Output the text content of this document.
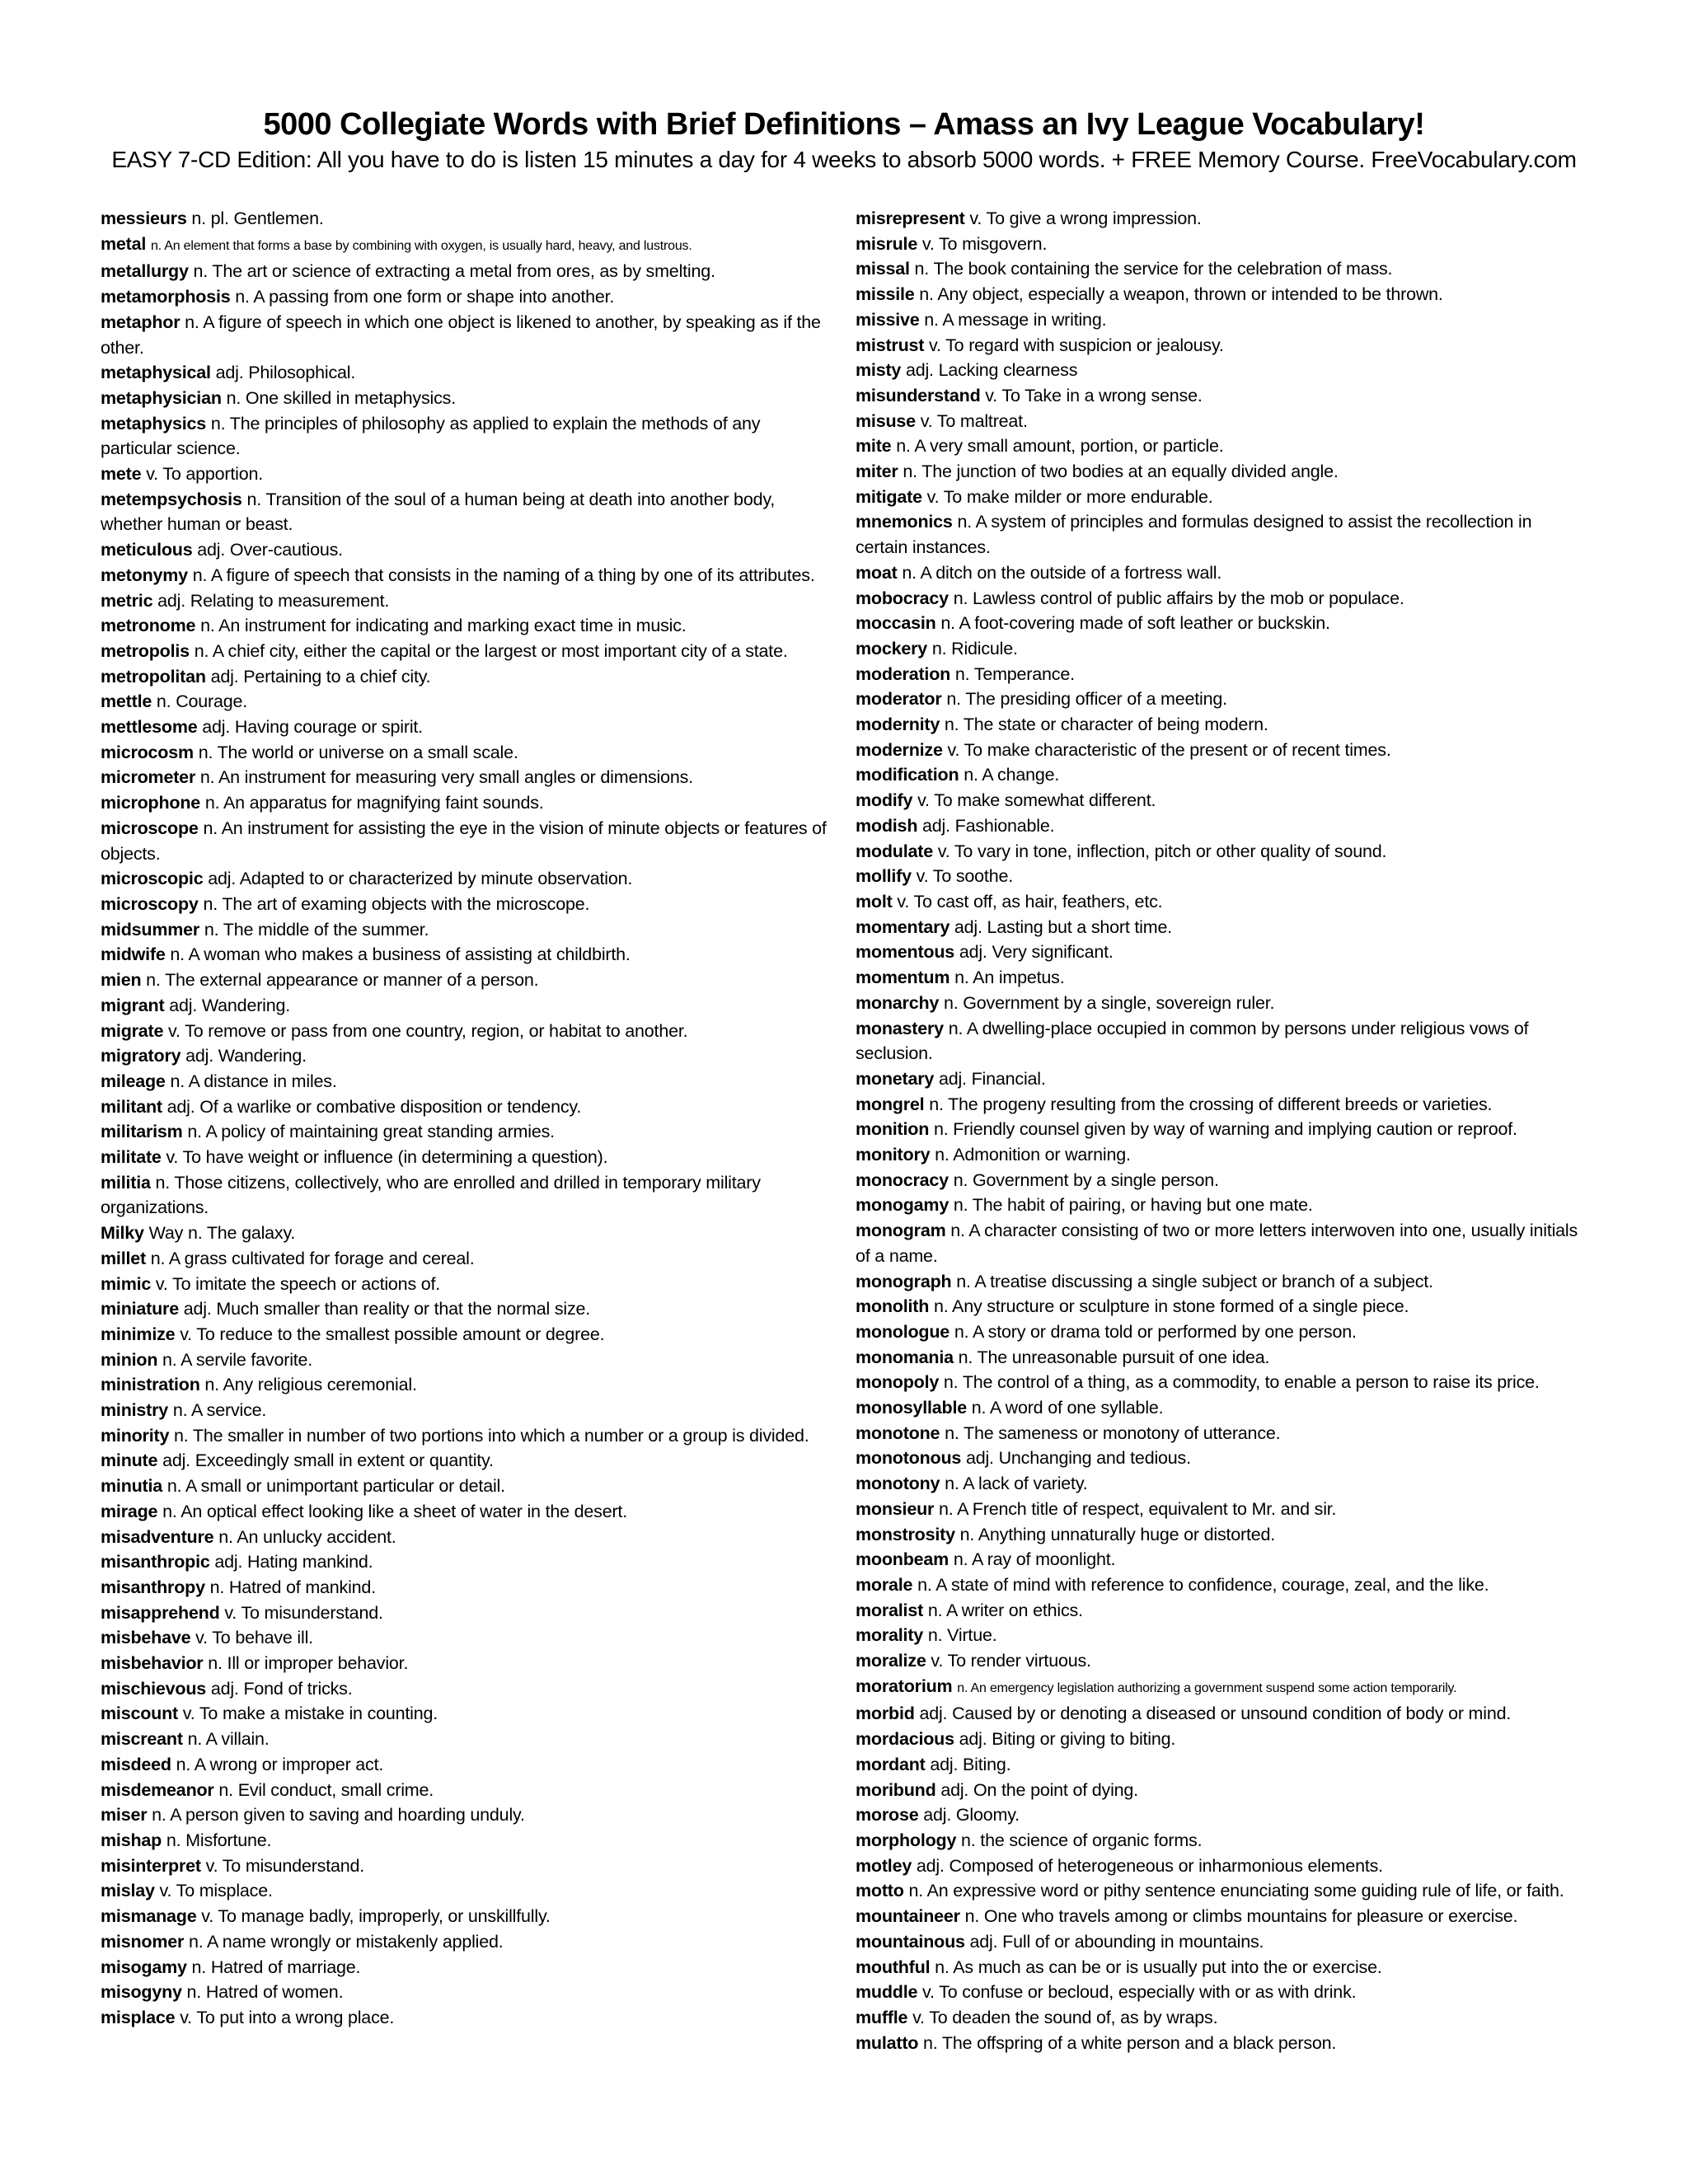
5000 Collegiate Words with Brief Definitions – Amass an Ivy League Vocabulary!
EASY 7-CD Edition: All you have to do is listen 15 minutes a day for 4 weeks to absorb 5000 words. + FREE Memory Course. FreeVocabulary.com
messieurs n. pl. Gentlemen.
metal n. An element that forms a base by combining with oxygen, is usually hard, heavy, and lustrous.
metallurgy n. The art or science of extracting a metal from ores, as by smelting.
metamorphosis n. A passing from one form or shape into another.
metaphor n. A figure of speech in which one object is likened to another, by speaking as if the other.
metaphysical adj. Philosophical.
metaphysician n. One skilled in metaphysics.
metaphysics n. The principles of philosophy as applied to explain the methods of any particular science.
mete v. To apportion.
metempsychosis n. Transition of the soul of a human being at death into another body, whether human or beast.
meticulous adj. Over-cautious.
metonymy n. A figure of speech that consists in the naming of a thing by one of its attributes.
metric adj. Relating to measurement.
metronome n. An instrument for indicating and marking exact time in music.
metropolis n. A chief city, either the capital or the largest or most important city of a state.
metropolitan adj. Pertaining to a chief city.
mettle n. Courage.
mettlesome adj. Having courage or spirit.
microcosm n. The world or universe on a small scale.
micrometer n. An instrument for measuring very small angles or dimensions.
microphone n. An apparatus for magnifying faint sounds.
microscope n. An instrument for assisting the eye in the vision of minute objects or features of objects.
microscopic adj. Adapted to or characterized by minute observation.
microscopy n. The art of examing objects with the microscope.
midsummer n. The middle of the summer.
midwife n. A woman who makes a business of assisting at childbirth.
mien n. The external appearance or manner of a person.
migrant adj. Wandering.
migrate v. To remove or pass from one country, region, or habitat to another.
migratory adj. Wandering.
mileage n. A distance in miles.
militant adj. Of a warlike or combative disposition or tendency.
militarism n. A policy of maintaining great standing armies.
militate v. To have weight or influence (in determining a question).
militia n. Those citizens, collectively, who are enrolled and drilled in temporary military organizations.
Milky Way n. The galaxy.
millet n. A grass cultivated for forage and cereal.
mimic v. To imitate the speech or actions of.
miniature adj. Much smaller than reality or that the normal size.
minimize v. To reduce to the smallest possible amount or degree.
minion n. A servile favorite.
ministration n. Any religious ceremonial.
ministry n. A service.
minority n. The smaller in number of two portions into which a number or a group is divided.
minute adj. Exceedingly small in extent or quantity.
minutia n. A small or unimportant particular or detail.
mirage n. An optical effect looking like a sheet of water in the desert.
misadventure n. An unlucky accident.
misanthropic adj. Hating mankind.
misanthropy n. Hatred of mankind.
misapprehend v. To misunderstand.
misbehave v. To behave ill.
misbehavior n. Ill or improper behavior.
mischievous adj. Fond of tricks.
miscount v. To make a mistake in counting.
miscreant n. A villain.
misdeed n. A wrong or improper act.
misdemeanor n. Evil conduct, small crime.
miser n. A person given to saving and hoarding unduly.
mishap n. Misfortune.
misinterpret v. To misunderstand.
mislay v. To misplace.
mismanage v. To manage badly, improperly, or unskillfully.
misnomer n. A name wrongly or mistakenly applied.
misogamy n. Hatred of marriage.
misogyny n. Hatred of women.
misplace v. To put into a wrong place.
misrepresent v. To give a wrong impression.
misrule v. To misgovern.
missal n. The book containing the service for the celebration of mass.
missile n. Any object, especially a weapon, thrown or intended to be thrown.
missive n. A message in writing.
mistrust v. To regard with suspicion or jealousy.
misty adj. Lacking clearness
misunderstand v. To Take in a wrong sense.
misuse v. To maltreat.
mite n. A very small amount, portion, or particle.
miter n. The junction of two bodies at an equally divided angle.
mitigate v. To make milder or more endurable.
mnemonics n. A system of principles and formulas designed to assist the recollection in certain instances.
moat n. A ditch on the outside of a fortress wall.
mobocracy n. Lawless control of public affairs by the mob or populace.
moccasin n. A foot-covering made of soft leather or buckskin.
mockery n. Ridicule.
moderation n. Temperance.
moderator n. The presiding officer of a meeting.
modernity n. The state or character of being modern.
modernize v. To make characteristic of the present or of recent times.
modification n. A change.
modify v. To make somewhat different.
modish adj. Fashionable.
modulate v. To vary in tone, inflection, pitch or other quality of sound.
mollify v. To soothe.
molt v. To cast off, as hair, feathers, etc.
momentary adj. Lasting but a short time.
momentous adj. Very significant.
momentum n. An impetus.
monarchy n. Government by a single, sovereign ruler.
monastery n. A dwelling-place occupied in common by persons under religious vows of seclusion.
monetary adj. Financial.
mongrel n. The progeny resulting from the crossing of different breeds or varieties.
monition n. Friendly counsel given by way of warning and implying caution or reproof.
monitory n. Admonition or warning.
monocracy n. Government by a single person.
monogamy n. The habit of pairing, or having but one mate.
monogram n. A character consisting of two or more letters interwoven into one, usually initials of a name.
monograph n. A treatise discussing a single subject or branch of a subject.
monolith n. Any structure or sculpture in stone formed of a single piece.
monologue n. A story or drama told or performed by one person.
monomania n. The unreasonable pursuit of one idea.
monopoly n. The control of a thing, as a commodity, to enable a person to raise its price.
monosyllable n. A word of one syllable.
monotone n. The sameness or monotony of utterance.
monotonous adj. Unchanging and tedious.
monotony n. A lack of variety.
monsieur n. A French title of respect, equivalent to Mr. and sir.
monstrosity n. Anything unnaturally huge or distorted.
moonbeam n. A ray of moonlight.
morale n. A state of mind with reference to confidence, courage, zeal, and the like.
moralist n. A writer on ethics.
morality n. Virtue.
moralize v. To render virtuous.
moratorium n. An emergency legislation authorizing a government suspend some action temporarily.
morbid adj. Caused by or denoting a diseased or unsound condition of body or mind.
mordacious adj. Biting or giving to biting.
mordant adj. Biting.
moribund adj. On the point of dying.
morose adj. Gloomy.
morphology n. the science of organic forms.
motley adj. Composed of heterogeneous or inharmonious elements.
motto n. An expressive word or pithy sentence enunciating some guiding rule of life, or faith.
mountaineer n. One who travels among or climbs mountains for pleasure or exercise.
mountainous adj. Full of or abounding in mountains.
mouthful n. As much as can be or is usually put into the or exercise.
muddle v. To confuse or becloud, especially with or as with drink.
muffle v. To deaden the sound of, as by wraps.
mulatto n. The offspring of a white person and a black person.
